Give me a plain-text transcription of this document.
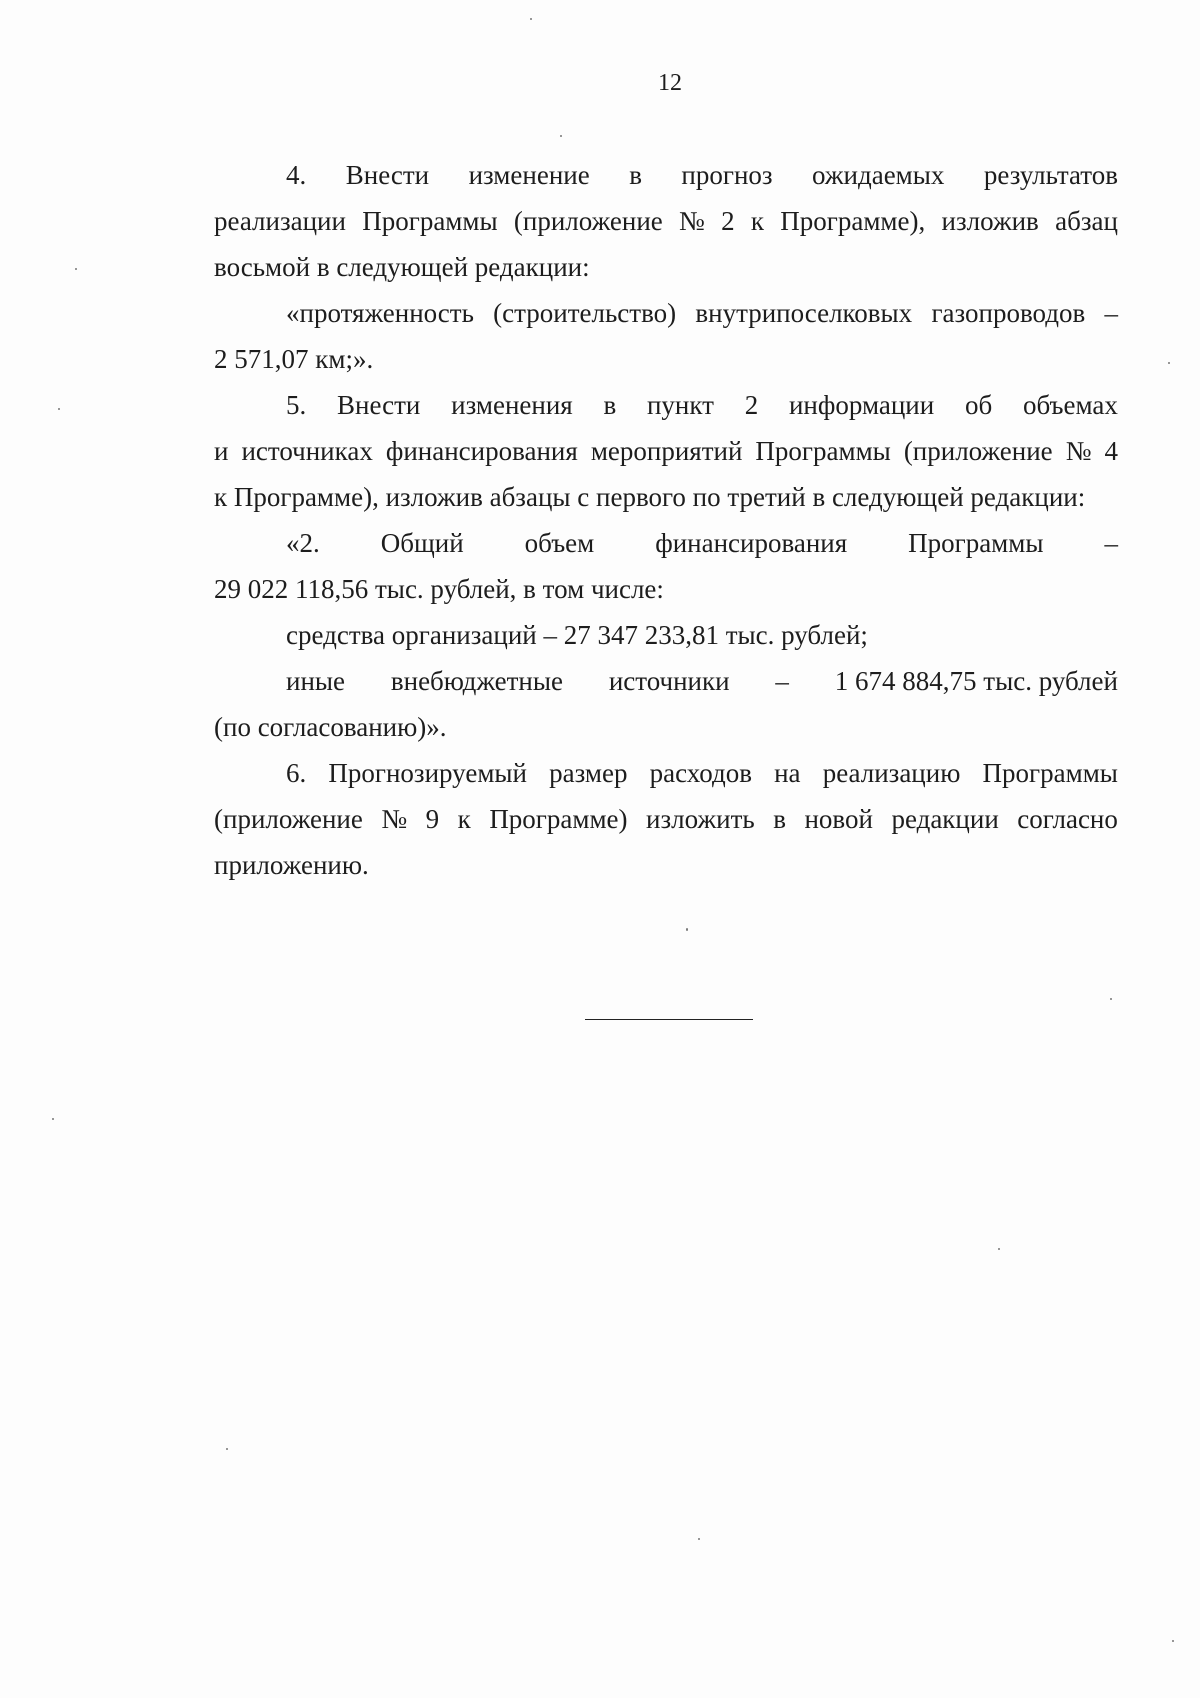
12
4. Внести изменение в прогноз ожидаемых результатов
реализации Программы (приложение № 2 к Программе), изложив абзац

восьмой в следующей редакции:

«протяженность (строительство) внутрипоселковых газопроводов –

2 571,07 км;».

5. Внести изменения в пункт 2 информации об объемах
и источниках финансирования мероприятий Программы (приложение № 4

к Программе), изложив абзацы с первого по третий в следующей редакции:

«2. Общий объем финансирования Программы –

29 022 118,56 тыс. рублей, в том числе:

средства организаций – 27 347 233,81 тыс. рублей;

иные внебюджетные источники – 1 674 884,75 тыс. рублей

(по согласованию)».

6. Прогнозируемый размер расходов на реализацию Программы
(приложение № 9 к Программе) изложить в новой редакции согласно

приложению.
